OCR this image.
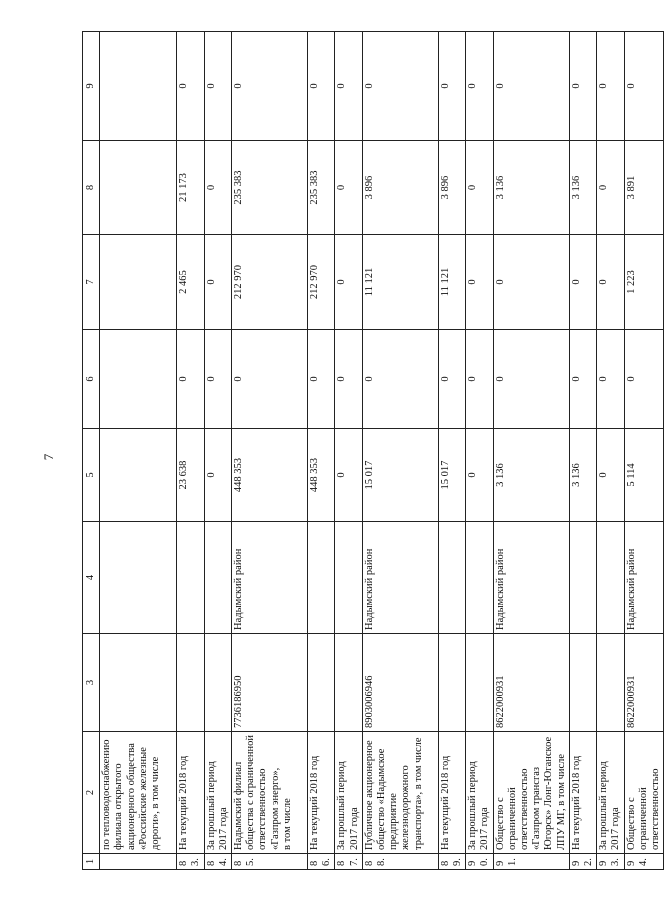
7
1	2	3	4	5	6	7	8	9

	по тепловодоснабжению филиала открытого акционерного общества «Российские железные дороги», в том числе							

83.	На текущий 2018 год			23 638	0	2 465	21 173	0
84.	За прошлый период 2017 года			0	0	0	0	0
85.	Надымский филиал общества с ограниченной ответственностью «Газпром энерго», в том числе	7736186950	Надымский район	448 353	0	212 970	235 383	0
86.	На текущий 2018 год			448 353	0	212 970	235 383	0
87.	За прошлый период 2017 года			0	0	0	0	0
88.	Публичное акционерное общество «Надымское предприятие железнодорожного транспорта», в том числе	8903006946	Надымский район	15 017	0	11 121	3 896	0
89.	На текущий 2018 год			15 017	0	11 121	3 896	0
90.	За прошлый период 2017 года			0	0	0	0	0
91.	Общество с ограниченной ответственностью «Газпром трансгаз Югорск» Лонг-Юганское ЛПУ МГ, в том числе	8622000931	Надымский район	3 136	0	0	3 136	0
92.	На текущий 2018 год			3 136	0	0	3 136	0
93.	За прошлый период 2017 года			0	0	0	0	0
94.	Общество с ограниченной ответственностью	8622000931	Надымский район	5 114	0	1 223	3 891	0
